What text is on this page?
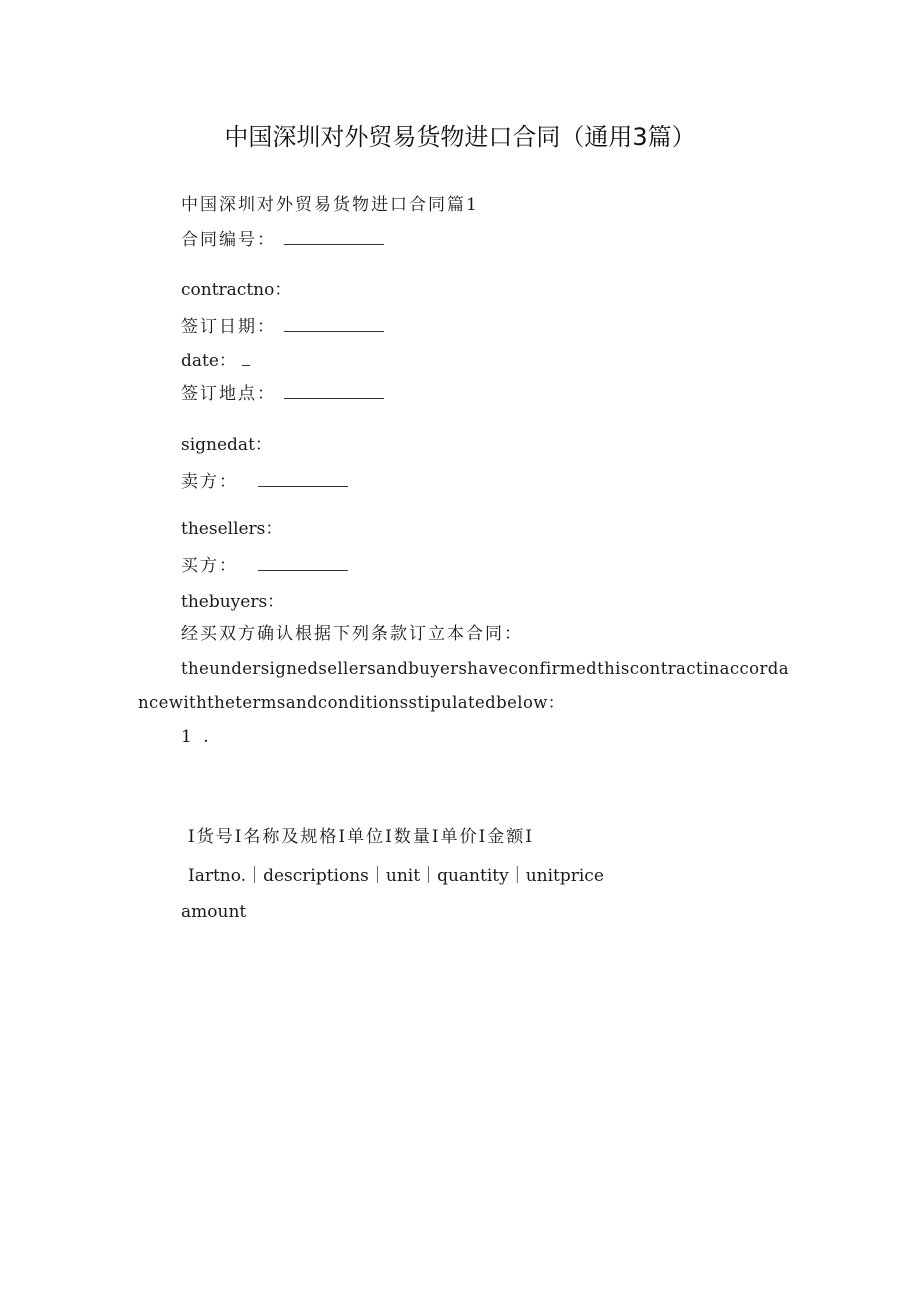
中国深圳对外贸易货物进口合同（通用3篇）
中国深圳对外贸易货物进口合同篇1
合同编号：
contractno：
签订日期：
date：
签订地点：
signedat：
卖方：
thesellers：
买方：
thebuyers：
经买双方确认根据下列条款订立本合同：
theundersignedsellersandbuyershaveconfirmedthiscontractinaccorda
ncewiththetermsandconditionsstipulatedbelow：
1 .
I货号I名称及规格I单位I数量I单价I金额I
Iartno.｜descriptions｜unit｜quantity｜unitprice
amount
